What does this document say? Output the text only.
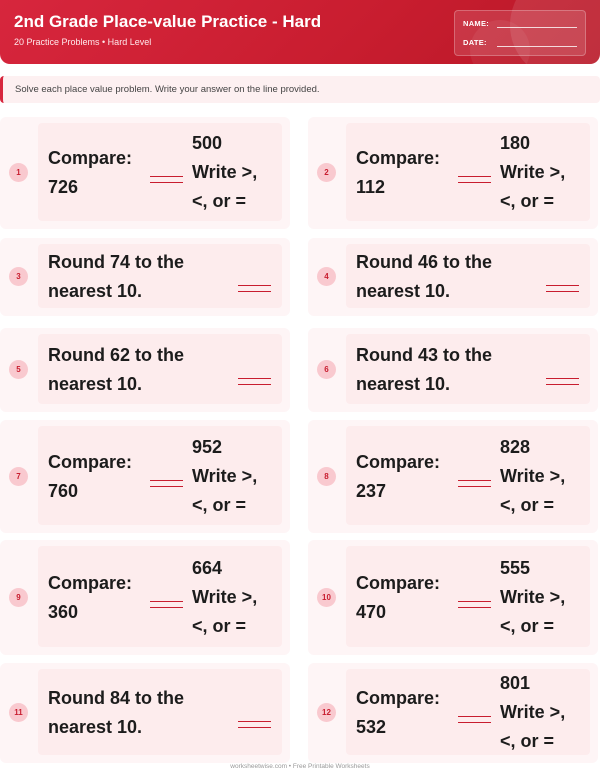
2nd Grade Place-value Practice - Hard
20 Practice Problems • Hard Level
NAME:
DATE:
Solve each place value problem. Write your answer on the line provided.
1
Compare:
726
500
Write >,
<, or =
2
Compare:
112
180
Write >,
<, or =
3
Round 74 to the
nearest 10.
4
Round 46 to the
nearest 10.
5
Round 62 to the
nearest 10.
6
Round 43 to the
nearest 10.
7
Compare:
760
952
Write >,
<, or =
8
Compare:
237
828
Write >,
<, or =
9
Compare:
360
664
Write >,
<, or =
10
Compare:
470
555
Write >,
<, or =
11
Round 84 to the
nearest 10.
12
Compare:
532
801
Write >,
<, or =
worksheetwise.com • Free Printable Worksheets
